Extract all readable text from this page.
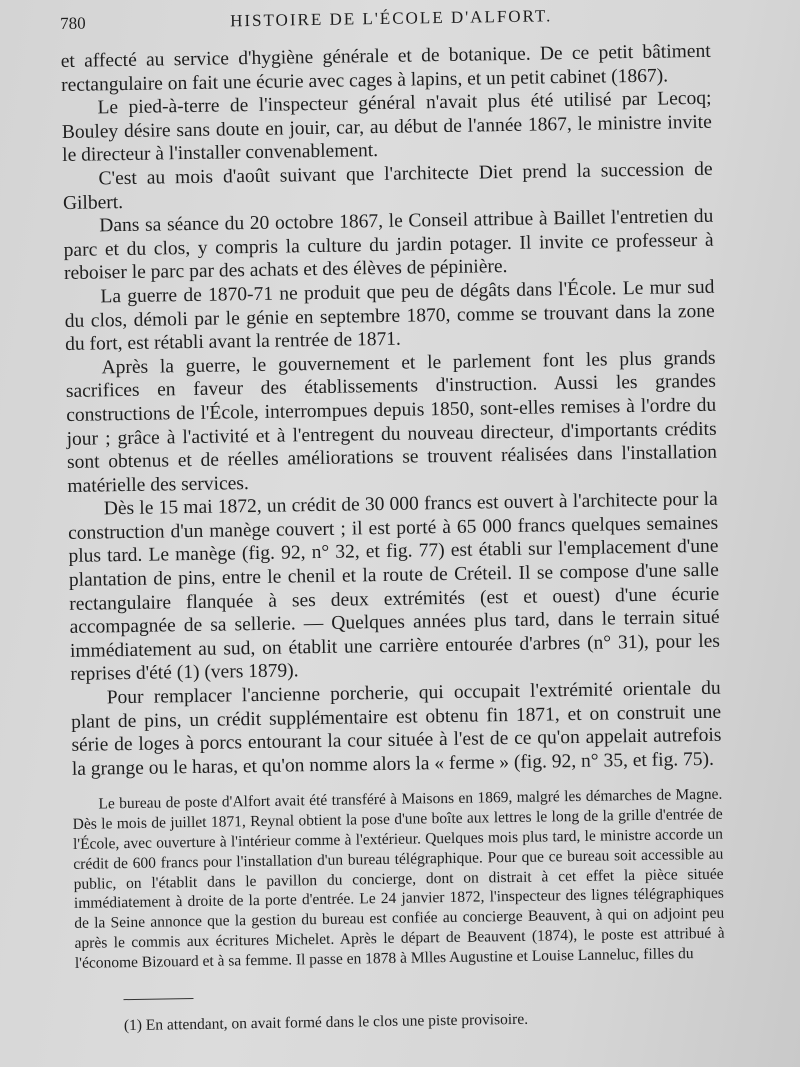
780	HISTOIRE DE L'ÉCOLE D'ALFORT.

et affecté au service d'hygiène générale et de botanique. De ce petit bâtiment rectangulaire on fait une écurie avec cages à lapins, et un petit cabinet (1867).

Le pied-à-terre de l'inspecteur général n'avait plus été utilisé par Lecoq; Bouley désire sans doute en jouir, car, au début de l'année 1867, le ministre invite le directeur à l'installer convenablement.

C'est au mois d'août suivant que l'architecte Diet prend la succession de Gilbert.

Dans sa séance du 20 octobre 1867, le Conseil attribue à Baillet l'entretien du parc et du clos, y compris la culture du jardin potager. Il invite ce professeur à reboiser le parc par des achats et des élèves de pépinière.

La guerre de 1870-71 ne produit que peu de dégâts dans l'École. Le mur sud du clos, démoli par le génie en septembre 1870, comme se trouvant dans la zone du fort, est rétabli avant la rentrée de 1871.

Après la guerre, le gouvernement et le parlement font les plus grands sacrifices en faveur des établissements d'instruction. Aussi les grandes constructions de l'École, interrompues depuis 1850, sont-elles remises à l'ordre du jour ; grâce à l'activité et à l'entregent du nouveau directeur, d'importants crédits sont obtenus et de réelles améliorations se trouvent réalisées dans l'installation matérielle des services.

Dès le 15 mai 1872, un crédit de 30 000 francs est ouvert à l'architecte pour la construction d'un manège couvert ; il est porté à 65 000 francs quelques semaines plus tard. Le manège (fig. 92, n° 32, et fig. 77) est établi sur l'emplacement d'une plantation de pins, entre le chenil et la route de Créteil. Il se compose d'une salle rectangulaire flanquée à ses deux extrémités (est et ouest) d'une écurie accompagnée de sa sellerie. — Quelques années plus tard, dans le terrain situé immédiatement au sud, on établit une carrière entourée d'arbres (n° 31), pour les reprises d'été (1) (vers 1879).

Pour remplacer l'ancienne porcherie, qui occupait l'extrémité orientale du plant de pins, un crédit supplémentaire est obtenu fin 1871, et on construit une série de loges à porcs entourant la cour située à l'est de ce qu'on appelait autrefois la grange ou le haras, et qu'on nomme alors la « ferme » (fig. 92, n° 35, et fig. 75).

Le bureau de poste d'Alfort avait été transféré à Maisons en 1869, malgré les démarches de Magne. Dès le mois de juillet 1871, Reynal obtient la pose d'une boîte aux lettres le long de la grille d'entrée de l'École, avec ouverture à l'intérieur comme à l'extérieur. Quelques mois plus tard, le ministre accorde un crédit de 600 francs pour l'installation d'un bureau télégraphique. Pour que ce bureau soit accessible au public, on l'établit dans le pavillon du concierge, dont on distrait à cet effet la pièce située immédiatement à droite de la porte d'entrée. Le 24 janvier 1872, l'inspecteur des lignes télégraphiques de la Seine annonce que la gestion du bureau est confiée au concierge Beauvent, à qui on adjoint peu après le commis aux écritures Michelet. Après le départ de Beauvent (1874), le poste est attribué à l'économe Bizouard et à sa femme. Il passe en 1878 à Mlles Augustine et Louise Lanneluc, filles du

(1) En attendant, on avait formé dans le clos une piste provisoire.
